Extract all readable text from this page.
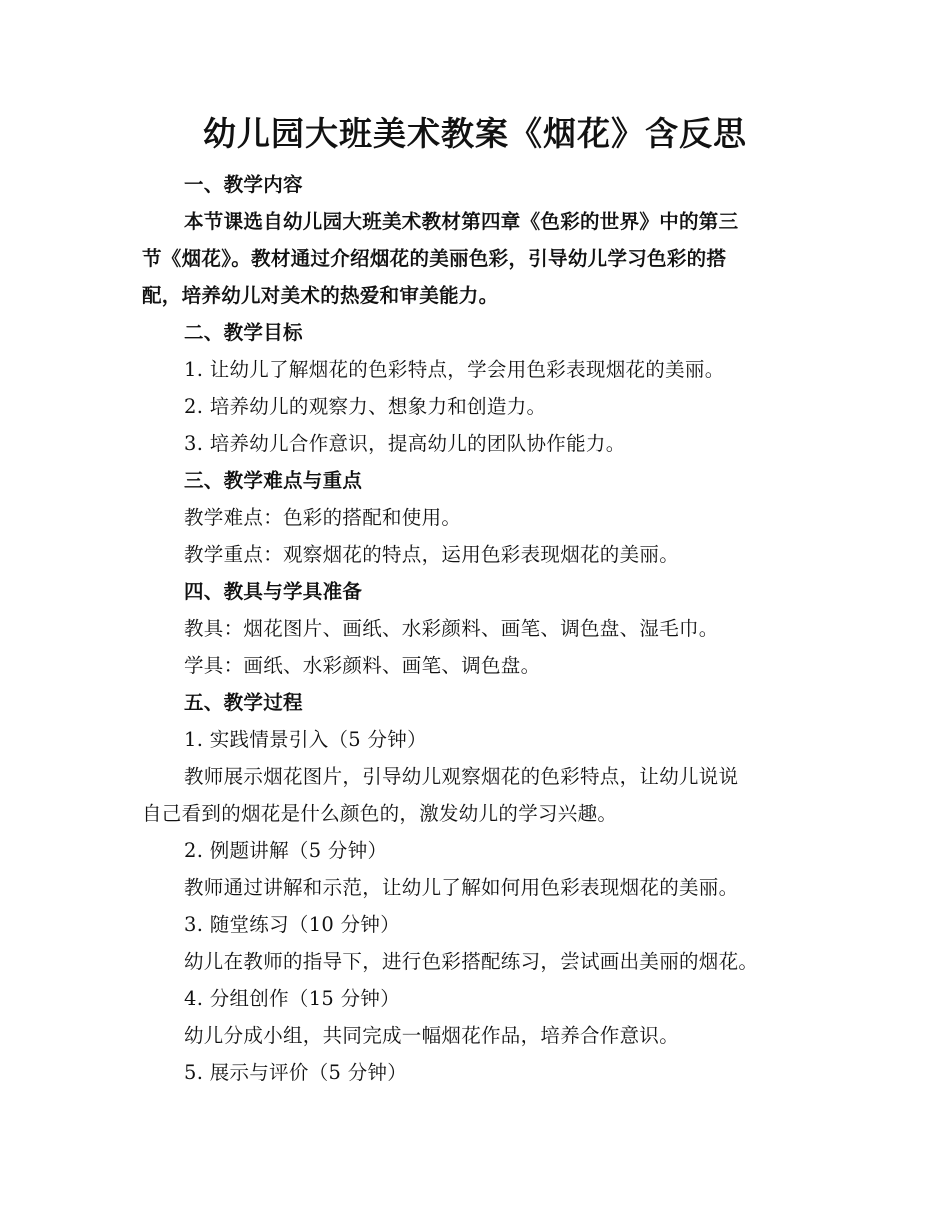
幼儿园大班美术教案《烟花》含反思
一、教学内容
本节课选自幼儿园大班美术教材第四章《色彩的世界》中的第三
节《烟花》。教材通过介绍烟花的美丽色彩，引导幼儿学习色彩的搭
配，培养幼儿对美术的热爱和审美能力。
二、教学目标
1. 让幼儿了解烟花的色彩特点，学会用色彩表现烟花的美丽。
2. 培养幼儿的观察力、想象力和创造力。
3. 培养幼儿合作意识，提高幼儿的团队协作能力。
三、教学难点与重点
教学难点：色彩的搭配和使用。
教学重点：观察烟花的特点，运用色彩表现烟花的美丽。
四、教具与学具准备
教具：烟花图片、画纸、水彩颜料、画笔、调色盘、湿毛巾。
学具：画纸、水彩颜料、画笔、调色盘。
五、教学过程
1. 实践情景引入（5 分钟）
教师展示烟花图片，引导幼儿观察烟花的色彩特点，让幼儿说说
自己看到的烟花是什么颜色的，激发幼儿的学习兴趣。
2. 例题讲解（5 分钟）
教师通过讲解和示范，让幼儿了解如何用色彩表现烟花的美丽。
3. 随堂练习（10 分钟）
幼儿在教师的指导下，进行色彩搭配练习，尝试画出美丽的烟花。
4. 分组创作（15 分钟）
幼儿分成小组，共同完成一幅烟花作品，培养合作意识。
5. 展示与评价（5 分钟）
